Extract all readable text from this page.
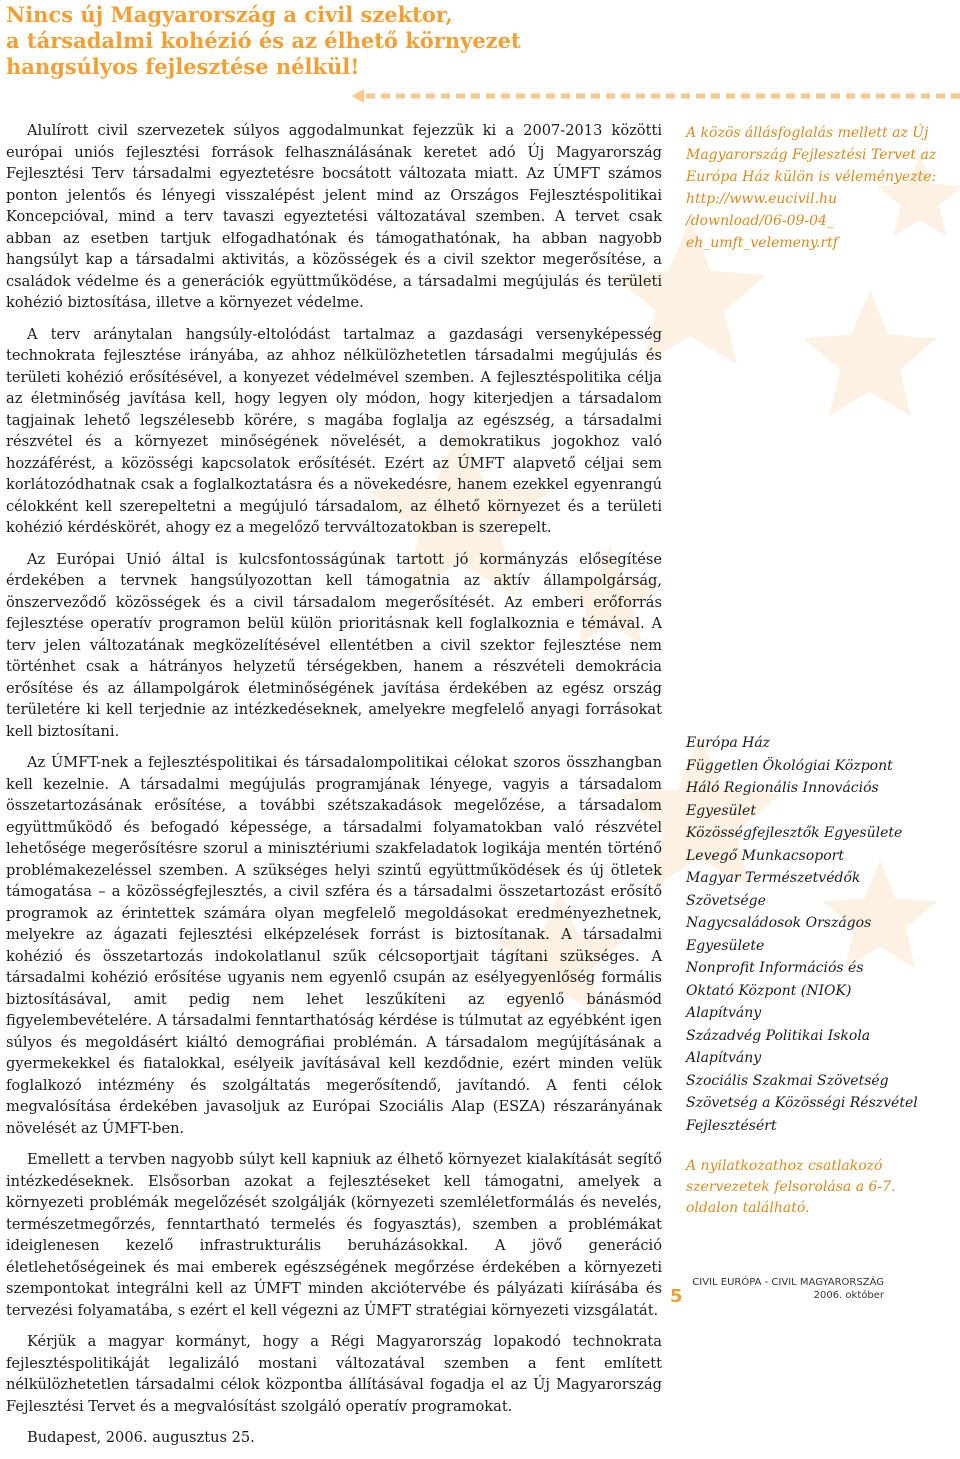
Nincs új Magyarország a civil szektor,
a társadalmi kohézió és az élhető környezet
hangsúlyos fejlesztése nélkül!

Alulírott civil szervezetek súlyos aggodalmunkat fejezzük ki a 2007-2013 közötti európai uniós fejlesztési források felhasználásának keretet adó Új Magyarország Fejlesztési Terv társadalmi egyeztetésre bocsátott változata miatt. Az ÚMFT számos ponton jelentős és lényegi visszalépést jelent mind az Országos Fejlesztéspolitikai Koncepcióval, mind a terv tavaszi egyeztetési változatával szemben. A tervet csak abban az esetben tartjuk elfogadhatónak és támogathatónak, ha abban nagyobb hangsúlyt kap a társadalmi aktivitás, a közösségek és a civil szektor megerősítése, a családok védelme és a generációk együttműködése, a társadalmi megújulás és területi kohézió biztosítása, illetve a környezet védelme.

A terv aránytalan hangsúly-eltolódást tartalmaz a gazdasági versenyképesség technokrata fejlesztése irányába, az ahhoz nélkülözhetetlen társadalmi megújulás és területi kohézió erősítésével, a konyezet védelmével szemben. A fejlesztéspolitika célja az életminőség javítása kell, hogy legyen oly módon, hogy kiterjedjen a társadalom tagjainak lehető legszélesebb körére, s magába foglalja az egészség, a társadalmi részvétel és a környezet minőségének növelését, a demokratikus jogokhoz való hozzáférést, a közösségi kapcsolatok erősítését. Ezért az ÚMFT alapvető céljai sem korlátozódhatnak csak a foglalkoztatásra és a növekedésre, hanem ezekkel egyenrangú célokként kell szerepeltetni a megújuló társadalom, az élhető környezet és a területi kohézió kérdéskörét, ahogy ez a megelőző tervváltozatokban is szerepelt.

Az Európai Unió által is kulcsfontosságúnak tartott jó kormányzás elősegítése érdekében a tervnek hangsúlyozottan kell támogatnia az aktív állampolgárság, önszerveződő közösségek és a civil társadalom megerősítését. Az emberi erőforrás fejlesztése operatív programon belül külön prioritásnak kell foglalkoznia e témával. A terv jelen változatának megközelítésével ellentétben a civil szektor fejlesztése nem történhet csak a hátrányos helyzetű térségekben, hanem a részvételi demokrácia erősítése és az állampolgárok életminőségének javítása érdekében az egész ország területére ki kell terjednie az intézkedéseknek, amelyekre megfelelő anyagi forrásokat kell biztosítani.

Az ÚMFT-nek a fejlesztéspolitikai és társadalompolitikai célokat szoros összhangban kell kezelnie. A társadalmi megújulás programjának lényege, vagyis a társadalom összetartozásának erősítése, a további szétszakadások megelőzése, a társadalom együttműködő és befogadó képessége, a társadalmi folyamatokban való részvétel lehetősége megerősítésre szorul a minisztériumi szakfeladatok logikája mentén történő problémakezeléssel szemben. A szükséges helyi szintű együttműködések és új ötletek támogatása – a közösségfejlesztés, a civil szféra és a társadalmi összetartozást erősítő programok az érintettek számára olyan megfelelő megoldásokat eredményezhetnek, melyekre az ágazati fejlesztési elképzelések forrást is biztosítanak. A társadalmi kohézió és összetartozás indokolatlanul szűk célcsoportjait tágítani szükséges. A társadalmi kohézió erősítése ugyanis nem egyenlő csupán az esélyegyenlőség formális biztosításával, amit pedig nem lehet leszűkíteni az egyenlő bánásmód figyelembevételére. A társadalmi fenntarthatóság kérdése is túlmutat az egyébként igen súlyos és megoldásért kiáltó demográfiai problémán. A társadalom megújításának a gyermekekkel és fiatalokkal, esélyeik javításával kell kezdődnie, ezért minden velük foglalkozó intézmény és szolgáltatás megerősítendő, javítandó. A fenti célok megvalósítása érdekében javasoljuk az Európai Szociális Alap (ESZA) részarányának növelését az ÚMFT-ben.

Emellett a tervben nagyobb súlyt kell kapniuk az élhető környezet kialakítását segítő intézkedéseknek. Elsősorban azokat a fejlesztéseket kell támogatni, amelyek a környezeti problémák megelőzését szolgálják (környezeti szemléletformálás és nevelés, természetmegőrzés, fenntartható termelés és fogyasztás), szemben a problémákat ideiglenesen kezelő infrastrukturális beruházásokkal. A jövő generáció életlehetőségeinek és mai emberek egészségének megőrzése érdekében a környezeti szempontokat integrálni kell az ÚMFT minden akciótervébe és pályázati kiírásába és tervezési folyamatába, s ezért el kell végezni az ÚMFT stratégiai környezeti vizsgálatát.

Kérjük a magyar kormányt, hogy a Régi Magyarország lopakodó technokrata fejlesztéspolitikáját legalizáló mostani változatával szemben a fent említett nélkülözhetetlen társadalmi célok központba állításával fogadja el az Új Magyarország Fejlesztési Tervet és a megvalósítást szolgáló operatív programokat.

Budapest, 2006. augusztus 25.

A közös állásfoglalás mellett az Új Magyarország Fejlesztési Tervet az Európa Ház külön is véleményezte:
http://www.eucivil.hu
/download/06-09-04_
eh_umft_velemeny.rtf
Európa Ház
Független Ökológiai Központ
Háló Regionális Innovációs
Egyesület
Közösségfejlesztők Egyesülete
Levegő Munkacsoport
Magyar Természetvédők
Szövetsége
Nagycsaládosok Országos
Egyesülete
Nonprofit Információs és
Oktató Központ (NIOK)
Alapítvány
Századvég Politikai Iskola
Alapítvány
Szociális Szakmai Szövetség
Szövetség a Közösségi Részvétel
Fejlesztésért
A nyilatkozathoz csatlakozó szervezetek felsorolása a 6-7. oldalon található.
5
CIVIL EURÓPA - CIVIL MAGYARORSZÁG
2006. október
